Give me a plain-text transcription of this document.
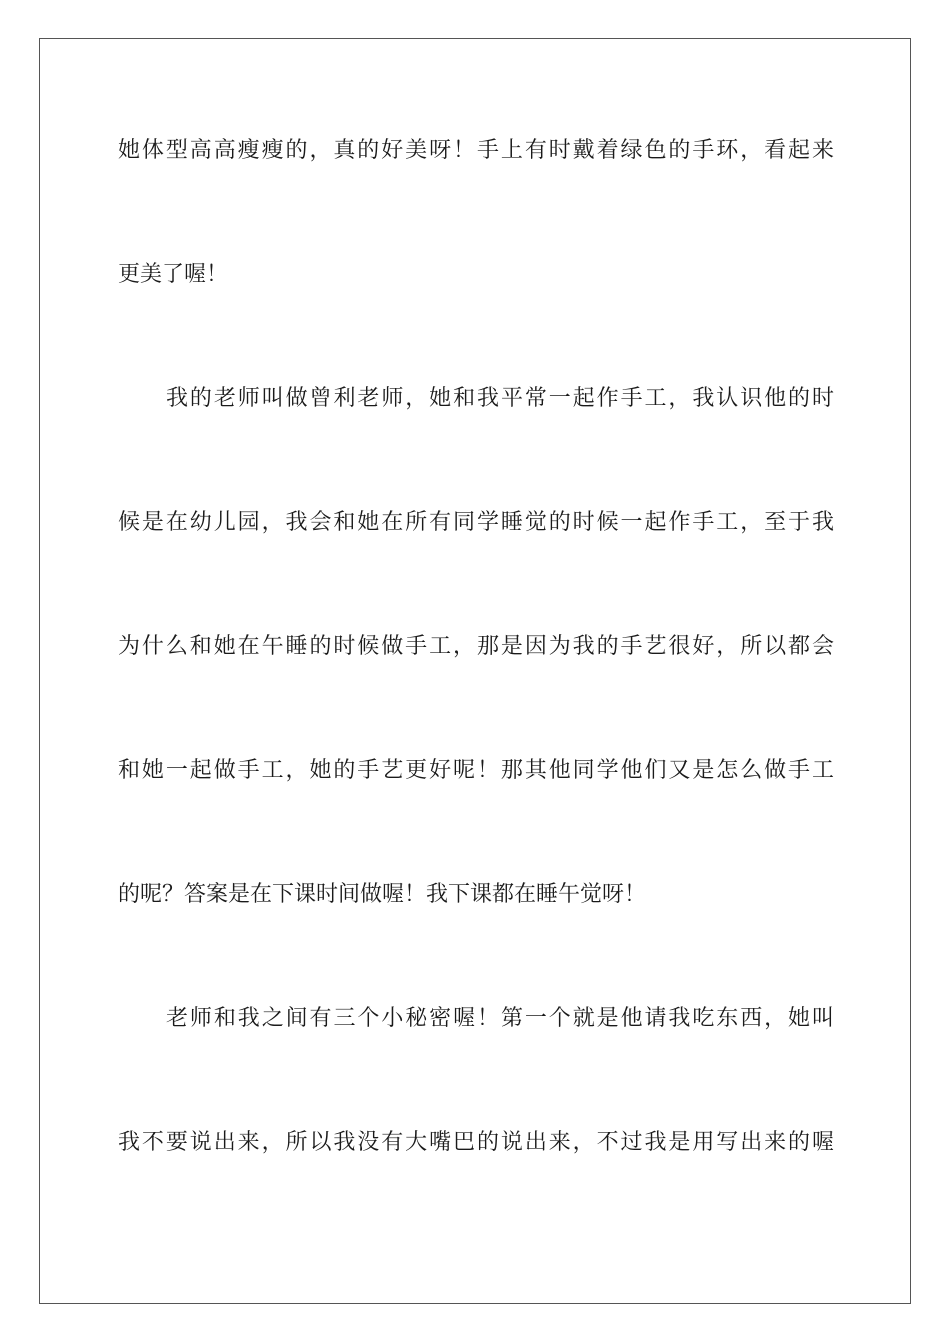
她体型高高瘦瘦的，真的好美呀！手上有时戴着绿色的手环，看起来
更美了喔！
我的老师叫做曾利老师，她和我平常一起作手工，我认识他的时
候是在幼儿园，我会和她在所有同学睡觉的时候一起作手工，至于我
为什么和她在午睡的时候做手工，那是因为我的手艺很好，所以都会
和她一起做手工，她的手艺更好呢！那其他同学他们又是怎么做手工
的呢？答案是在下课时间做喔！我下课都在睡午觉呀！
老师和我之间有三个小秘密喔！第一个就是他请我吃东西，她叫
我不要说出来，所以我没有大嘴巴的说出来，不过我是用写出来的喔
